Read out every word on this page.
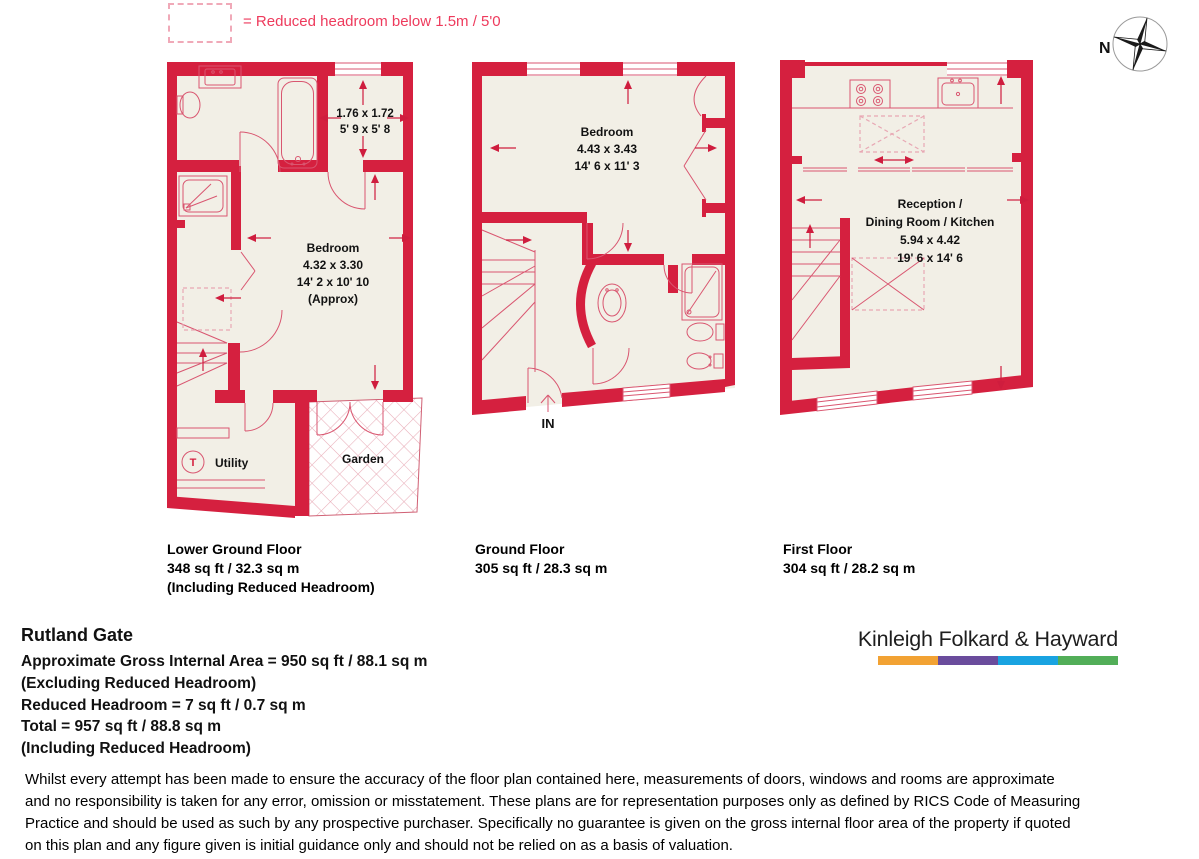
= Reduced headroom below 1.5m / 5'0
N
1.76 x 1.72
5' 9 x 5' 8
Bedroom
4.32 x 3.30
14' 2 x 10' 10
(Approx)
Utility
T	Garden
Bedroom
4.43 x 3.43
14' 6 x 11' 3
IN
Reception /
Dining Room / Kitchen
5.94 x 4.42
19' 6 x 14' 6
Lower Ground Floor
348 sq ft / 32.3 sq m
(Including Reduced Headroom)
Ground Floor
305 sq ft / 28.3 sq m
First Floor
304 sq ft / 28.2 sq m
Rutland Gate
Approximate Gross Internal Area = 950 sq ft / 88.1 sq m
(Excluding Reduced Headroom)
Reduced Headroom = 7 sq ft / 0.7 sq m
Total = 957 sq ft / 88.8 sq m
(Including Reduced Headroom)
Kinleigh Folkard & Hayward
Whilst every attempt has been made to ensure the accuracy of the floor plan contained here, measurements of doors, windows and rooms are approximate
and no responsibility is taken for any error, omission or misstatement. These plans are for representation purposes only as defined by RICS Code of Measuring
Practice and should be used as such by any prospective purchaser. Specifically no guarantee is given on the gross internal floor area of the property if quoted
on this plan and any figure given is initial guidance only and should not be relied on as a basis of valuation.
